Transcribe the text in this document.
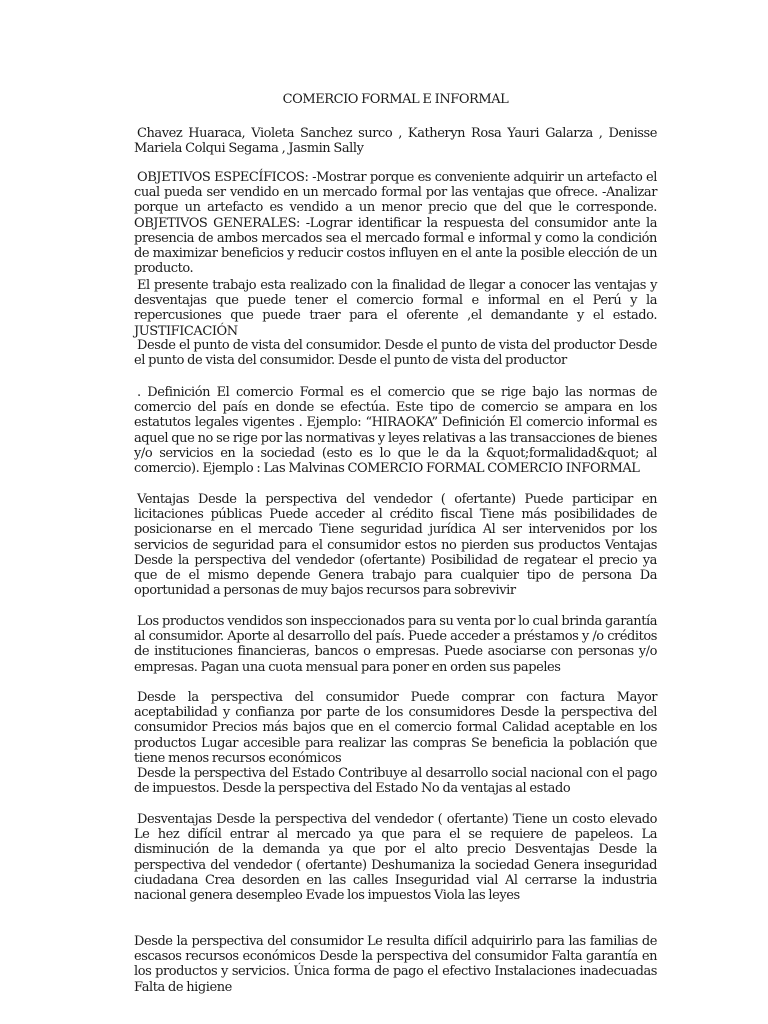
COMERCIO FORMAL E INFORMAL

Chavez Huaraca, Violeta Sanchez surco , Katheryn Rosa Yauri Galarza , Denisse Mariela Colqui Segama , Jasmin Sally

OBJETIVOS ESPECÍFICOS: -Mostrar porque es conveniente adquirir un artefacto el cual pueda ser vendido en un mercado formal por las ventajas que ofrece. -Analizar porque un artefacto es vendido a un menor precio que del que le corresponde. OBJETIVOS GENERALES: -Lograr identificar la respuesta del consumidor ante la presencia de ambos mercados sea el mercado formal e informal y como la condición de maximizar beneficios y reducir costos influyen en el ante la posible elección de un producto.

El presente trabajo esta realizado con la finalidad de llegar a conocer las ventajas y desventajas que puede tener el comercio formal e informal en el Perú y la repercusiones que puede traer para el oferente ,el demandante y el estado. JUSTIFICACIÓN

Desde el punto de vista del consumidor. Desde el punto de vista del productor Desde el punto de vista del consumidor. Desde el punto de vista del productor

. Definición El comercio Formal es el comercio que se rige bajo las normas de comercio del país en donde se efectúa. Este tipo de comercio se ampara en los estatutos legales vigentes . Ejemplo: “HIRAOKA” Definición El comercio informal es aquel que no se rige por las normativas y leyes relativas a las transacciones de bienes y/o servicios en la sociedad (esto es lo que le da la &quot;formalidad&quot; al comercio). Ejemplo : Las Malvinas COMERCIO FORMAL COMERCIO INFORMAL

Ventajas Desde la perspectiva del vendedor ( ofertante) Puede participar en licitaciones públicas Puede acceder al crédito fiscal Tiene más posibilidades de posicionarse en el mercado Tiene seguridad jurídica Al ser intervenidos por los servicios de seguridad para el consumidor estos no pierden sus productos Ventajas Desde la perspectiva del vendedor (ofertante) Posibilidad de regatear el precio ya que de el mismo depende Genera trabajo para cualquier tipo de persona Da oportunidad a personas de muy bajos recursos para sobrevivir

Los productos vendidos son inspeccionados para su venta por lo cual brinda garantía al consumidor. Aporte al desarrollo del país. Puede acceder a préstamos y /o créditos de instituciones financieras, bancos o empresas. Puede asociarse con personas y/o empresas. Pagan una cuota mensual para poner en orden sus papeles

Desde la perspectiva del consumidor Puede comprar con factura Mayor aceptabilidad y confianza por parte de los consumidores Desde la perspectiva del consumidor Precios más bajos que en el comercio formal Calidad aceptable en los productos Lugar accesible para realizar las compras Se beneficia la población que tiene menos recursos económicos

Desde la perspectiva del Estado Contribuye al desarrollo social nacional con el pago de impuestos. Desde la perspectiva del Estado No da ventajas al estado

Desventajas Desde la perspectiva del vendedor ( ofertante) Tiene un costo elevado Le hez difícil entrar al mercado ya que para el se requiere de papeleos. La disminución de la demanda ya que por el alto precio Desventajas Desde la perspectiva del vendedor ( ofertante) Deshumaniza la sociedad Genera inseguridad ciudadana Crea desorden en las calles Inseguridad vial Al cerrarse la industria nacional genera desempleo Evade los impuestos Viola las leyes

Desde la perspectiva del consumidor Le resulta difícil adquirirlo para las familias de escasos recursos económicos Desde la perspectiva del consumidor Falta garantía en los productos y servicios. Única forma de pago el efectivo Instalaciones inadecuadas Falta de higiene
